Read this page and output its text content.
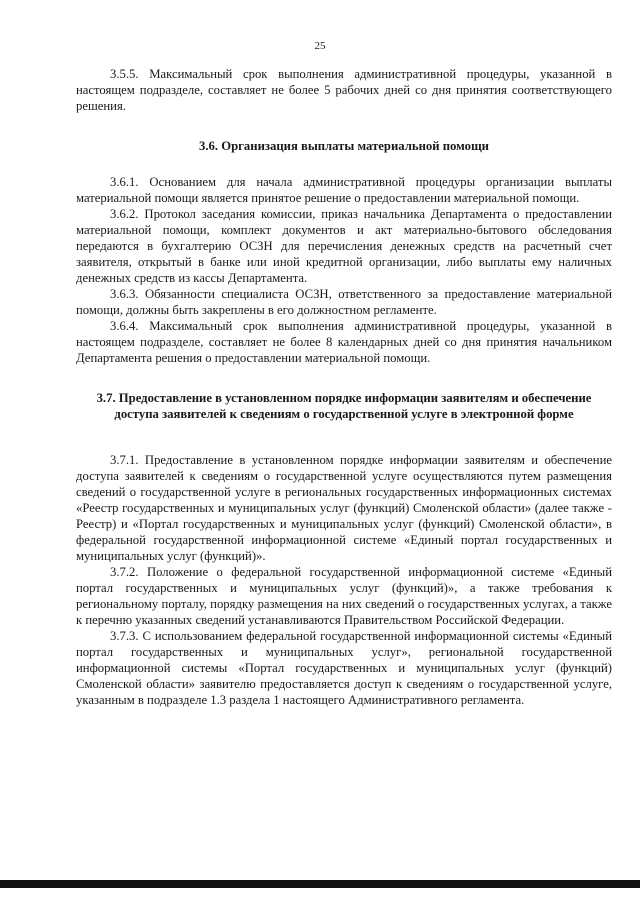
25

3.5.5. Максимальный срок выполнения административной процедуры, указанной в настоящем подразделе, составляет не более 5 рабочих дней со дня принятия соответствующего решения.

3.6. Организация выплаты материальной помощи

3.6.1. Основанием для начала административной процедуры организации выплаты материальной помощи является принятое решение о предоставлении материальной помощи.

3.6.2. Протокол заседания комиссии, приказ начальника Департамента о предоставлении материальной помощи, комплект документов и акт материально-бытового обследования передаются в бухгалтерию ОСЗН для перечисления денежных средств на расчетный счет заявителя, открытый в банке или иной кредитной организации, либо выплаты ему наличных денежных средств из кассы Департамента.

3.6.3. Обязанности специалиста ОСЗН, ответственного за предоставление материальной помощи, должны быть закреплены в его должностном регламенте.

3.6.4. Максимальный срок выполнения административной процедуры, указанной в настоящем подразделе, составляет не более 8 календарных дней со дня принятия начальником Департамента решения о предоставлении материальной помощи.

3.7. Предоставление в установленном порядке информации заявителям и обеспечение доступа заявителей к сведениям о государственной услуге в электронной форме

3.7.1. Предоставление в установленном порядке информации заявителям и обеспечение доступа заявителей к сведениям о государственной услуге осуществляются путем размещения сведений о государственной услуге в региональных государственных информационных системах «Реестр государственных и муниципальных услуг (функций) Смоленской области» (далее также - Реестр) и «Портал государственных и муниципальных услуг (функций) Смоленской области», в федеральной государственной информационной системе «Единый портал государственных и муниципальных услуг (функций)».

3.7.2. Положение о федеральной государственной информационной системе «Единый портал государственных и муниципальных услуг (функций)», а также требования к региональному порталу, порядку размещения на них сведений о государственных услугах, а также к перечню указанных сведений устанавливаются Правительством Российской Федерации.

3.7.3. С использованием федеральной государственной информационной системы «Единый портал государственных и муниципальных услуг», региональной государственной информационной системы «Портал государственных и муниципальных услуг (функций) Смоленской области» заявителю предоставляется доступ к сведениям о государственной услуге, указанным в подразделе 1.3 раздела 1 настоящего Административного регламента.
